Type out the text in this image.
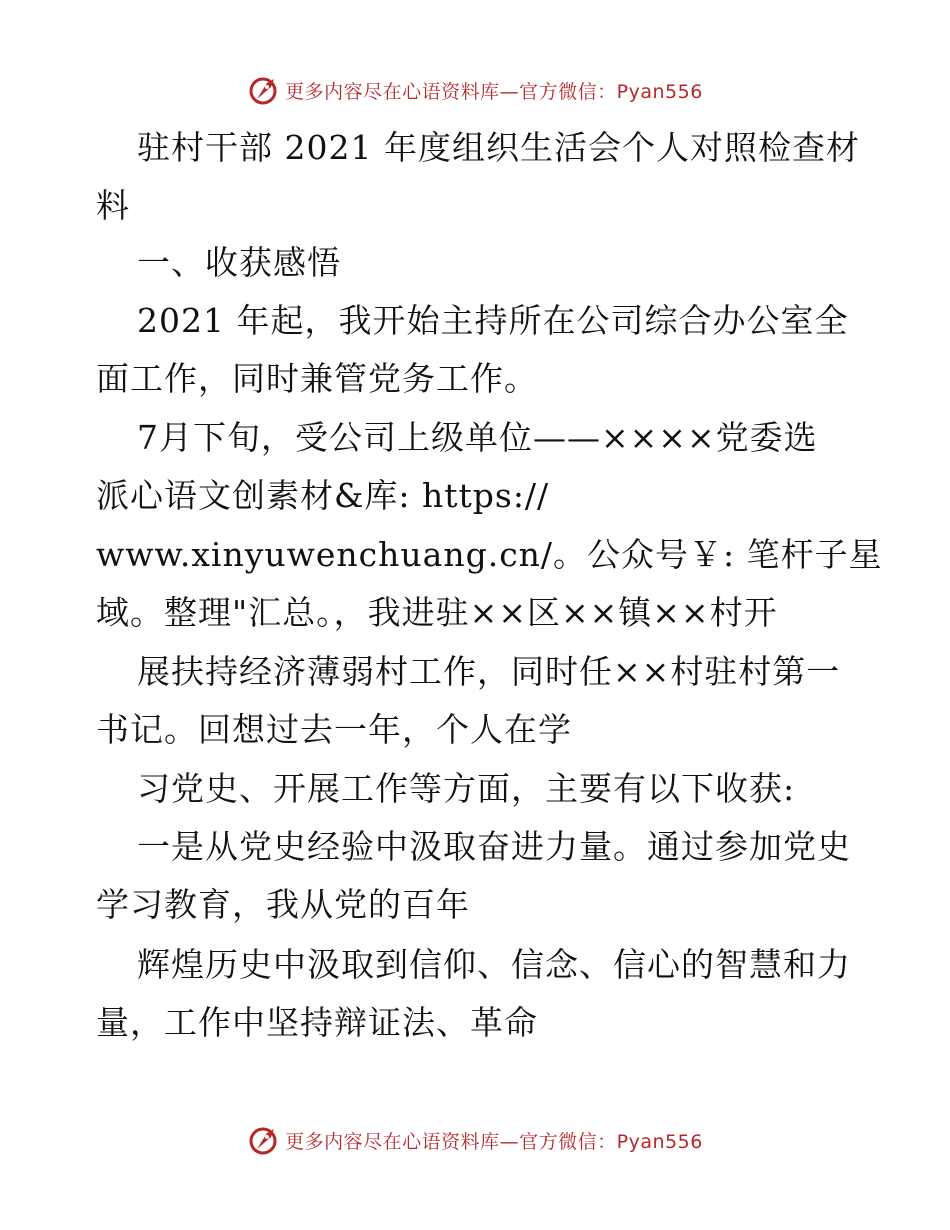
更多内容尽在心语资料库—官方微信：Pyan556
驻村干部 2021 年度组织生活会个人对照检查材
料
一、收获感悟
2021 年起，我开始主持所在公司综合办公室全
面工作，同时兼管党务工作。
7月下旬，受公司上级单位——××××党委选
派心语文创素材&库: https://
www.xinyuwenchuang.cn/。公众号￥: 笔杆子星
域。整理"汇总。，我进驻××区××镇××村开
展扶持经济薄弱村工作，同时任××村驻村第一
书记。回想过去一年，个人在学
习党史、开展工作等方面，主要有以下收获:
一是从党史经验中汲取奋进力量。通过参加党史
学习教育，我从党的百年
辉煌历史中汲取到信仰、信念、信心的智慧和力
量，工作中坚持辩证法、革命
更多内容尽在心语资料库—官方微信：Pyan556
